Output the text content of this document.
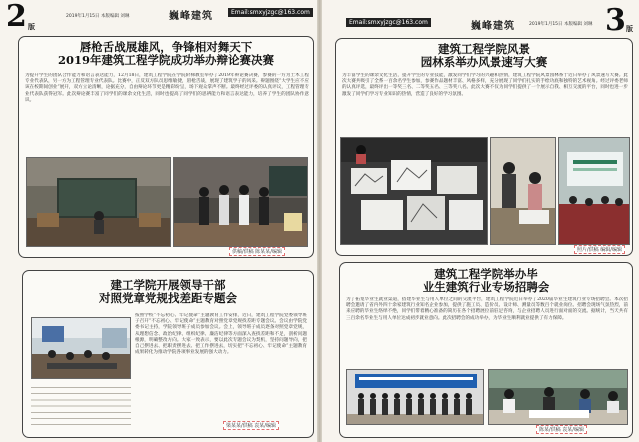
2 版
2019年1月15日 本版编辑 刘琳	巍峰建筑	Email:smxyjzgc@163.com
唇枪舌战展雄风，争锋相对舞天下
2019年建筑工程学院成功举办辩论赛决赛
为提升学生的团队合作能力和语言表达能力，12月18日，建筑工程学院在学院阶梯教室举办了2019年辩论赛决赛，参赛的一方为土木工程专业代表队，另一方为工程管理专业代表队。比赛中，正反双方队员思维敏捷，唇枪舌战，展现了建筑学子的风采。辩题围绕“大学生应不应该在校期间创业”展开，双方立论清晰，论据充分，自由辩论环节更是精彩纷呈，场下观众掌声不断。最终经过评委的认真评议，工程管理专业代表队获得冠军。此次辩论赛丰富了同学们的课余文化生活，同时也提高了同学们的思辨能力和语言表达能力，培养了学生的团队协作意识。
供稿/供稿 陈某某/编辑
建工学院开展领导干部
对照党章党规找差距专题会
按照学校“不忘初心、牢记使命”主题教育工作安排，近日，建筑工程学院党委领导班子召开“不忘初心、牢记使命”主题教育对照党章党规找差距专题会议。会议由学院党委书记主持，学院领导班子成员参加会议。会上，领导班子成员逐条对照党章党规，从理想信念、政治纪律、组织纪律、廉洁纪律等方面深入查找差距和不足，剖析问题根源，明确整改方向。大家一致表示，要以此次专题会议为契机，坚持问题导向，把自己摆进去、把职责摆进去、把工作摆进去，切实把“不忘初心、牢记使命”主题教育成果转化为推动学院各项事业发展的强大动力。
梁某某/供稿 袁某/编辑
Email:smxyjzgc@163.com	巍峰建筑	2019年1月15日 本版编辑 刘琳 3 版
建筑工程学院风景
园林系举办风景速写大赛
为丰富学生的课余文化生活，提升学生的专业技能，激发同学们学习的兴趣和热情，建筑工程学院风景园林系于近日举办了风景速写大赛。此次大赛共吸引了全系一百余名学生参加，参赛作品题材丰富、风格多样，充分展现了同学们扎实的手绘功底和独特的艺术视角。经过评委老师的认真评选，最终评出一等奖三名、二等奖五名、三等奖八名。此次大赛不仅为同学们提供了一个展示自我、相互交流的平台，同时也进一步激发了同学们学习专业知识的热情，营造了良好的学习氛围。
照片/供稿 编辑/编辑
建筑工程学院举办毕
业生建筑行业专场招聘会
为了拓宽毕业生就业渠道，搭建毕业生与用人单位之间的交流平台，建筑工程学院近日举办了2020届毕业生建筑行业专场招聘会。本次招聘会邀请了省内外四十余家建筑行业知名企业参加，提供了施工员、造价员、设计师、测量员等数百个就业岗位。招聘会现场气氛热烈，前来应聘的毕业生络绎不绝，同学们带着精心准备的简历在各个招聘展位前驻足咨询，与企业招聘人员进行面对面的交流。据统计，当天共有三百余名毕业生与用人单位达成初步就业意向。此次招聘会的成功举办，为毕业生顺利就业提供了有力保障。
陈某/供稿 袁某/编辑
